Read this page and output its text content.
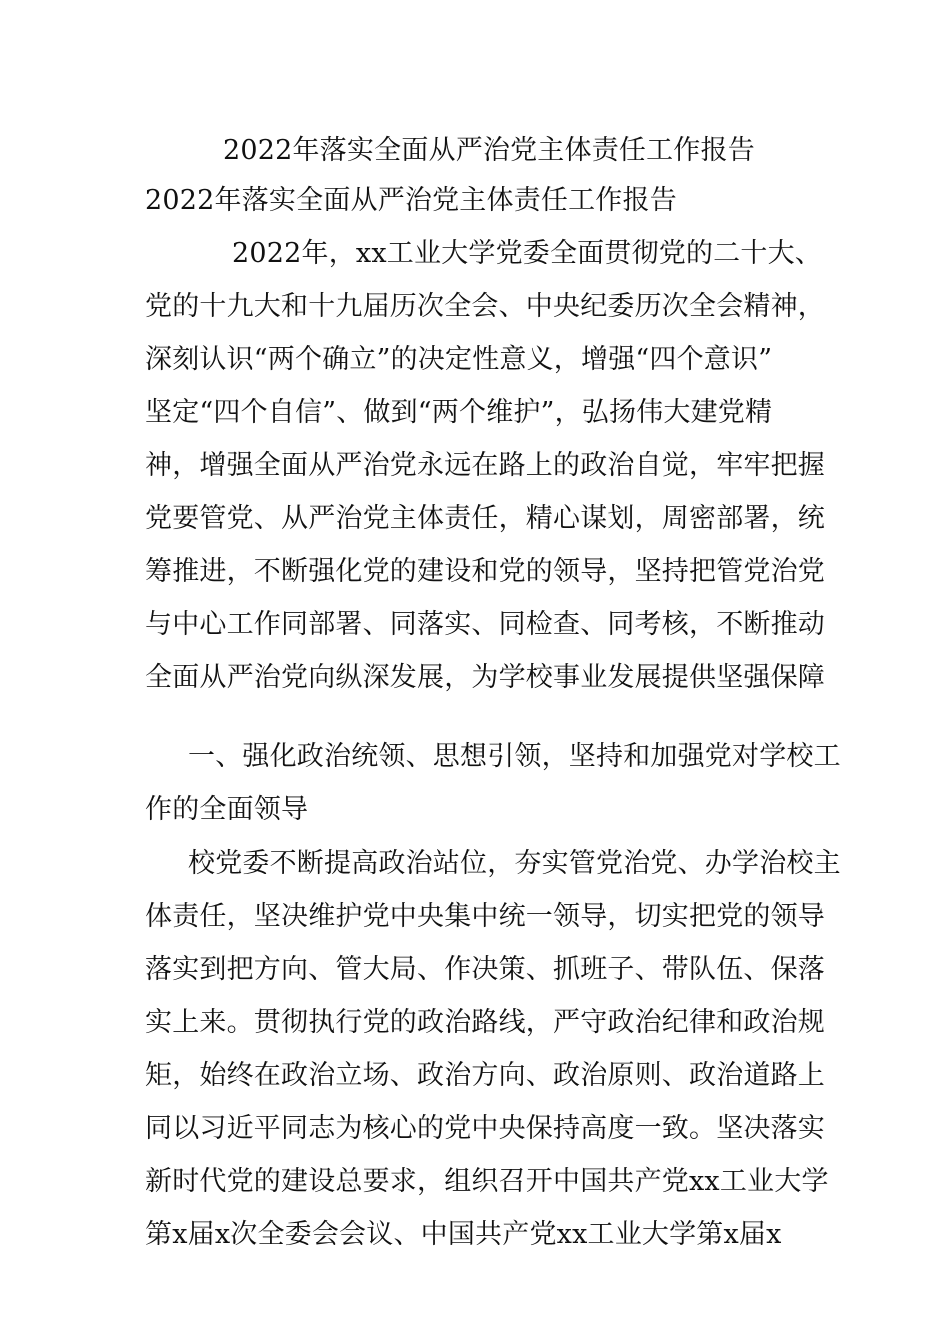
2022年落实全面从严治党主体责任工作报告
2022年落实全面从严治党主体责任工作报告
2022年，xx工业大学党委全面贯彻党的二十大、
党的十九大和十九届历次全会、中央纪委历次全会精神，
深刻认识“两个确立”的决定性意义，增强“四个意识”
坚定“四个自信”、做到“两个维护”，弘扬伟大建党精
神，增强全面从严治党永远在路上的政治自觉，牢牢把握
党要管党、从严治党主体责任，精心谋划，周密部署，统
筹推进，不断强化党的建设和党的领导，坚持把管党治党
与中心工作同部署、同落实、同检查、同考核，不断推动
全面从严治党向纵深发展，为学校事业发展提供坚强保障
一、强化政治统领、思想引领，坚持和加强党对学校工
作的全面领导
校党委不断提高政治站位，夯实管党治党、办学治校主
体责任，坚决维护党中央集中统一领导，切实把党的领导
落实到把方向、管大局、作决策、抓班子、带队伍、保落
实上来。贯彻执行党的政治路线，严守政治纪律和政治规
矩，始终在政治立场、政治方向、政治原则、政治道路上
同以习近平同志为核心的党中央保持高度一致。坚决落实
新时代党的建设总要求，组织召开中国共产党xx工业大学
第x届x次全委会会议、中国共产党xx工业大学第x届x
